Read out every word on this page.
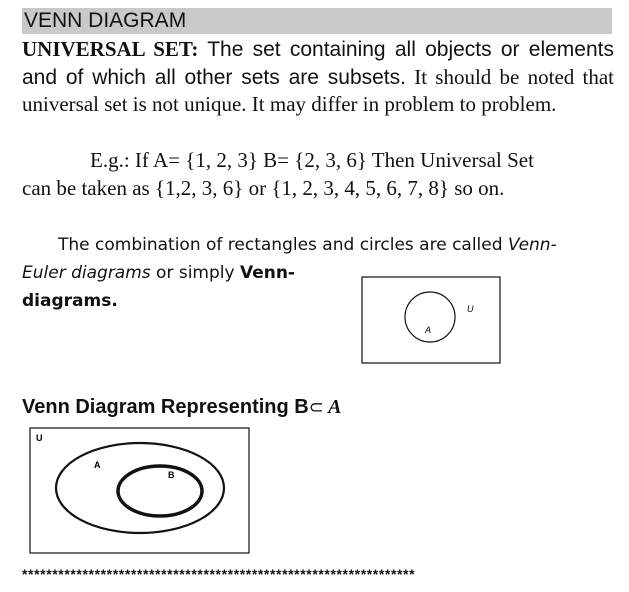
VENN DIAGRAM
UNIVERSAL SET: The set containing all objects or elements and of which all other sets are subsets. It should be noted that universal set is not unique. It may differ in problem to problem.
E.g.: If A= {1, 2, 3} B= {2, 3, 6} Then Universal Set
can be taken as {1,2, 3, 6} or {1, 2, 3, 4, 5, 6, 7, 8} so on.
The combination of rectangles and circles are called Venn-
Euler diagrams or simply Venn-
diagrams.	U
A
U
A
B
Venn Diagram Representing B⊂ A
*****************************************************************
